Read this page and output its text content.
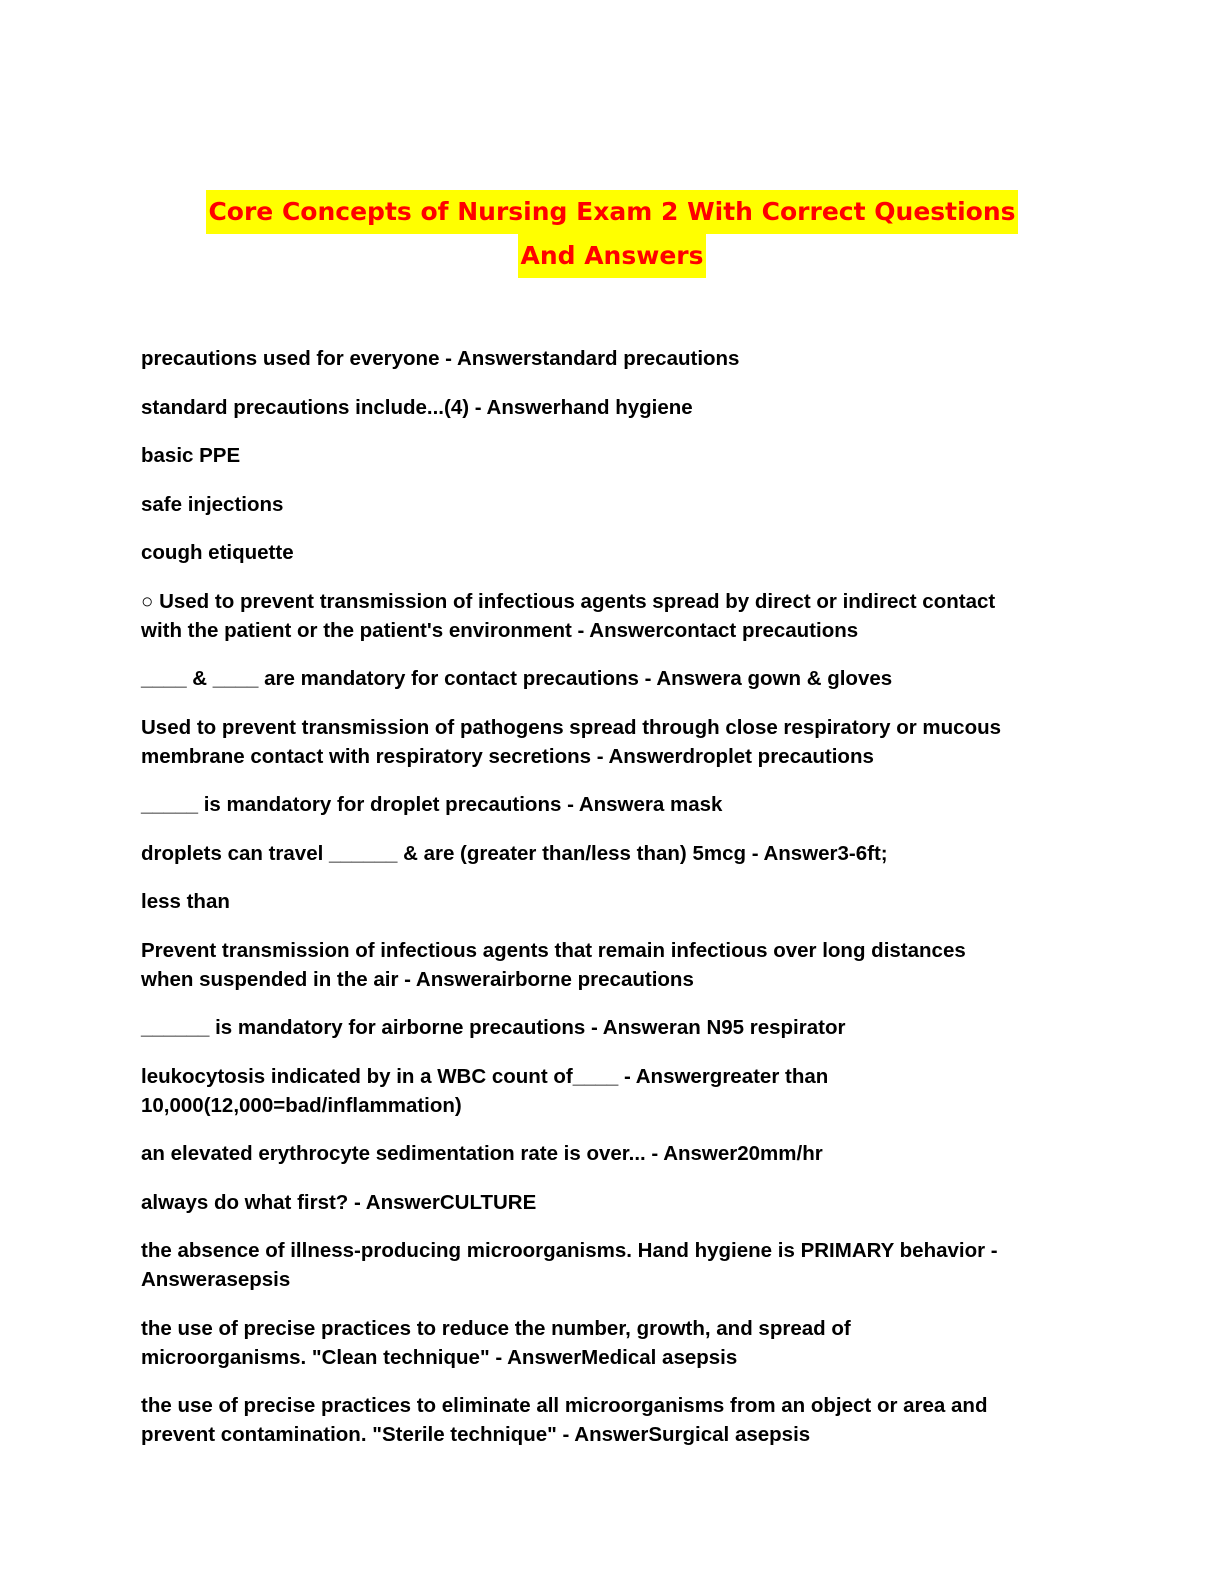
Core Concepts of Nursing Exam 2 With Correct Questions
And Answers

precautions used for everyone - Answerstandard precautions

standard precautions include...(4) - Answerhand hygiene

basic PPE

safe injections

cough etiquette

○ Used to prevent transmission of infectious agents spread by direct or indirect contact
with the patient or the patient's environment - Answercontact precautions

____ & ____ are mandatory for contact precautions - Answera gown & gloves

Used to prevent transmission of pathogens spread through close respiratory or mucous
membrane contact with respiratory secretions - Answerdroplet precautions

_____ is mandatory for droplet precautions - Answera mask

droplets can travel ______ & are (greater than/less than) 5mcg - Answer3-6ft;

less than

Prevent transmission of infectious agents that remain infectious over long distances
when suspended in the air - Answerairborne precautions

______ is mandatory for airborne precautions - Answeran N95 respirator

leukocytosis indicated by in a WBC count of____ - Answergreater than
10,000(12,000=bad/inflammation)

an elevated erythrocyte sedimentation rate is over... - Answer20mm/hr

always do what first? - AnswerCULTURE

the absence of illness-producing microorganisms. Hand hygiene is PRIMARY behavior -
Answerasepsis

the use of precise practices to reduce the number, growth, and spread of
microorganisms. "Clean technique" - AnswerMedical asepsis

the use of precise practices to eliminate all microorganisms from an object or area and
prevent contamination. "Sterile technique" - AnswerSurgical asepsis
